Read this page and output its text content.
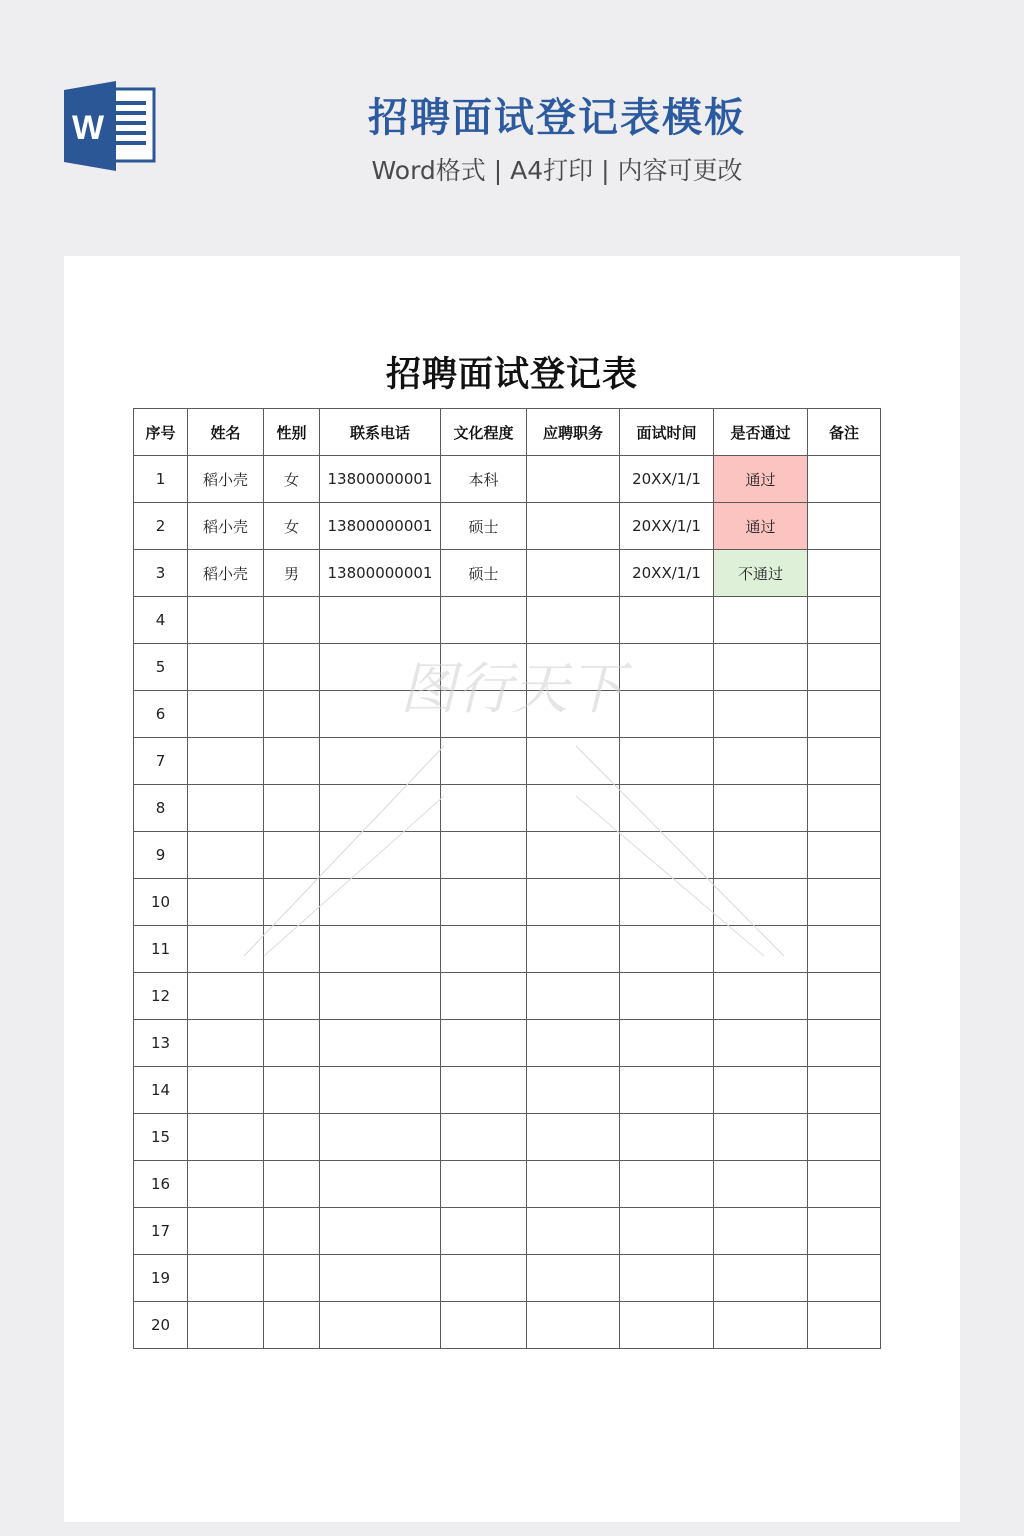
W	招聘面试登记表模板
Word格式 | A4打印 | 内容可更改
招聘面试登记表
序号	姓名	性别	联系电话	文化程度	应聘职务	面试时间	是否通过	备注
1	稻小壳	女	13800000001	本科		20XX/1/1	通过	
2	稻小壳	女	13800000001	硕士		20XX/1/1	通过	
3	稻小壳	男	13800000001	硕士		20XX/1/1	不通过	
4								
5								
6								
7								
8								
9								
10								
11								
12								
13								
14								
15								
16								
17								
19								
20								
图行天下
